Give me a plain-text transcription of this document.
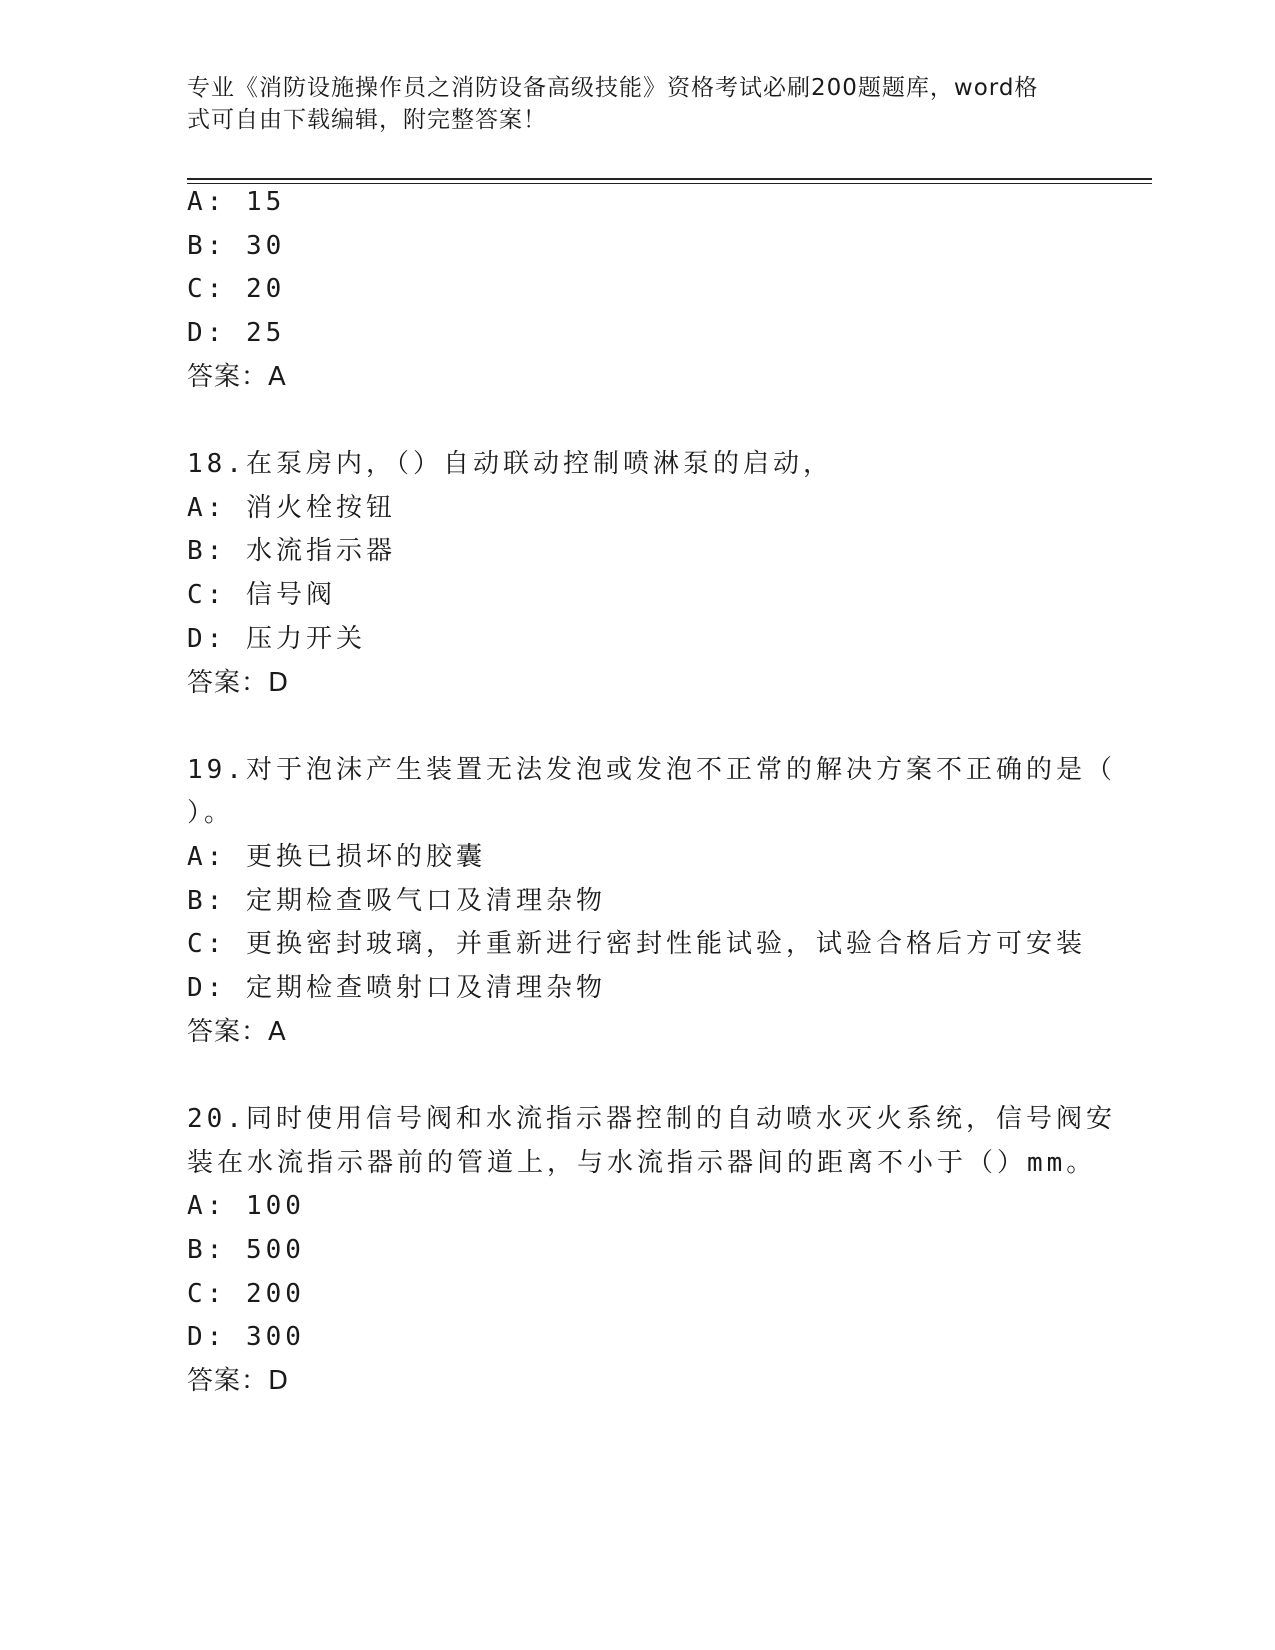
专业《消防设施操作员之消防设备高级技能》资格考试必刷200题题库，word格
式可自由下载编辑，附完整答案！
A: 15
B: 30
C: 20
D: 25
答案：A
18.在泵房内，（）自动联动控制喷淋泵的启动，
A: 消火栓按钮
B: 水流指示器
C: 信号阀
D: 压力开关
答案：D
19.对于泡沫产生装置无法发泡或发泡不正常的解决方案不正确的是（
）。
A: 更换已损坏的胶囊
B: 定期检查吸气口及清理杂物
C: 更换密封玻璃，并重新进行密封性能试验，试验合格后方可安装
D: 定期检查喷射口及清理杂物
答案：A
20.同时使用信号阀和水流指示器控制的自动喷水灭火系统，信号阀安
装在水流指示器前的管道上，与水流指示器间的距离不小于（）mm。
A: 100
B: 500
C: 200
D: 300
答案：D
